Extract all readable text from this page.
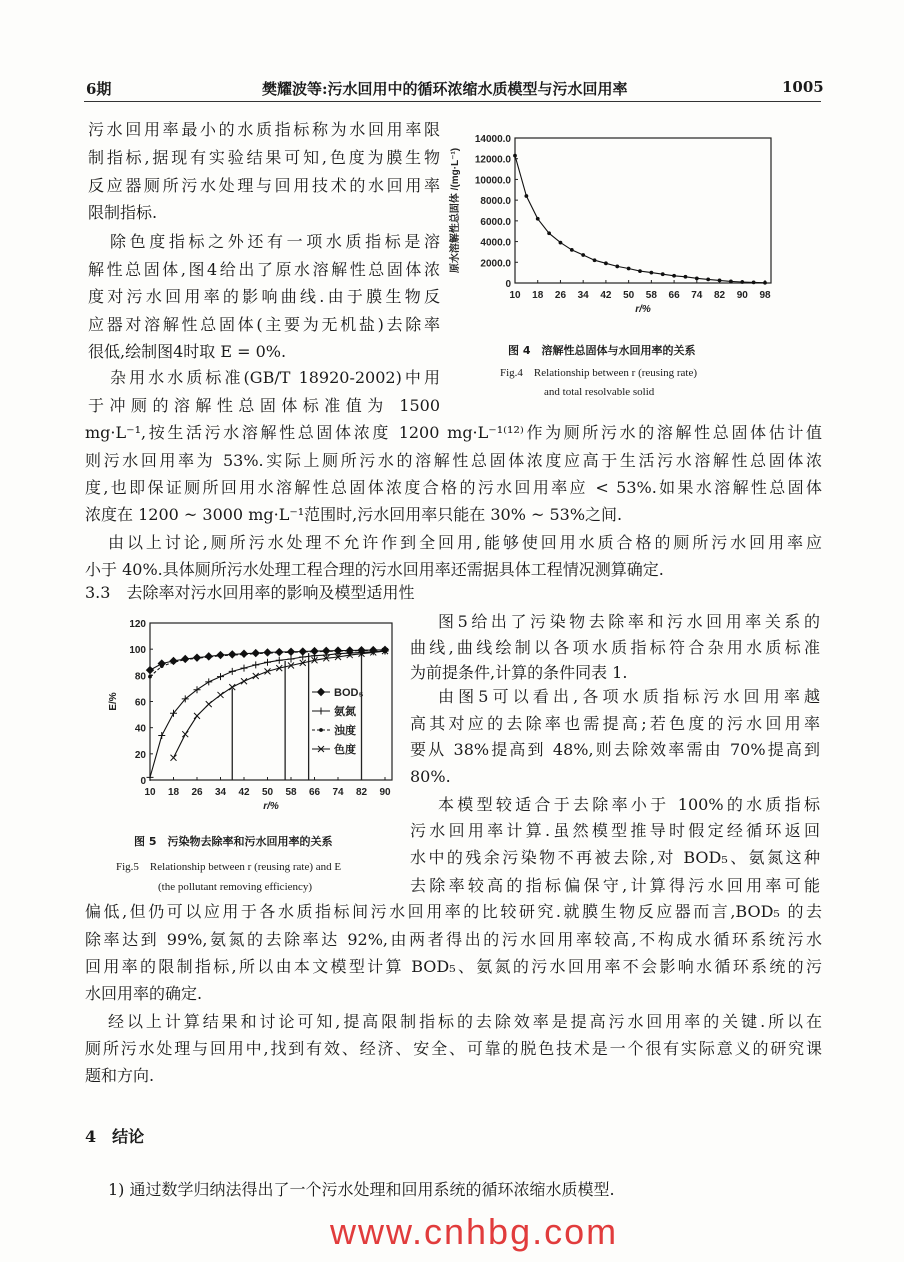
6期	樊耀波等:污水回用中的循环浓缩水质模型与污水回用率	1005
污水回用率最小的水质指标称为水回用率限
制指标,据现有实验结果可知,色度为膜生物
反应器厕所污水处理与回用技术的水回用率
限制指标.
除色度指标之外还有一项水质指标是溶
解性总固体,图4给出了原水溶解性总固体浓
度对污水回用率的影响曲线.由于膜生物反
应器对溶解性总固体(主要为无机盐)去除率
很低,绘制图4时取 E = 0%.
杂用水水质标准(GB/T 18920-2002)中用
于冲厕的溶解性总固体标准值为 1500
mg·L⁻¹,按生活污水溶解性总固体浓度 1200 mg·L⁻¹⁽¹²⁾作为厕所污水的溶解性总固体估计值
则污水回用率为 53%.实际上厕所污水的溶解性总固体浓度应高于生活污水溶解性总固体浓
度,也即保证厕所回用水溶解性总固体浓度合格的污水回用率应 < 53%.如果水溶解性总固体
浓度在 1200 ~ 3000 mg·L⁻¹范围时,污水回用率只能在 30% ~ 53%之间.
由以上讨论,厕所污水处理不允许作到全回用,能够使回用水质合格的厕所污水回用率应
小于 40%.具体厕所污水处理工程合理的污水回用率还需据具体工程情况测算确定.
3.3　去除率对污水回用率的影响及模型适用性
图5给出了污染物去除率和污水回用率关系的
曲线,曲线绘制以各项水质指标符合杂用水质标准
为前提条件,计算的条件同表 1.
由图5可以看出,各项水质指标污水回用率越
高其对应的去除率也需提高;若色度的污水回用率
要从 38%提高到 48%,则去除效率需由 70%提高到
80%.
本模型较适合于去除率小于 100%的水质指标
污水回用率计算.虽然模型推导时假定经循环返回
水中的残余污染物不再被去除,对 BOD₅、氨氮这种
去除率较高的指标偏保守,计算得污水回用率可能
偏低,但仍可以应用于各水质指标间污水回用率的比较研究.就膜生物反应器而言,BOD₅ 的去
除率达到 99%,氨氮的去除率达 92%,由两者得出的污水回用率较高,不构成水循环系统污水
回用率的限制指标,所以由本文模型计算 BOD₅、氨氮的污水回用率不会影响水循环系统的污
水回用率的确定.
经以上计算结果和讨论可知,提高限制指标的去除效率是提高污水回用率的关键.所以在
厕所污水处理与回用中,找到有效、经济、安全、可靠的脱色技术是一个很有实际意义的研究课
题和方向.
4　结论
1) 通过数学归纳法得出了一个污水处理和回用系统的循环浓缩水质模型.
10 18 26 34 42 50 58 66 74 82 90 98
0
2000.0
4000.0
6000.0
8000.0
10000.0
12000.0
14000.0
r/%
原水溶解性总固体 /(mg·L⁻¹)
图 4　溶解性总固体与水回用率的关系
Fig.4　Relationship between r (reusing rate)
and total resolvable solid
10 18 26 34 42 50 58 66 74 82 90
0
20
40
60
80
100
120
r/%
E/%	BOD₅
氨氮
浊度
色度
图 5　污染物去除率和污水回用率的关系
Fig.5　Relationship between r (reusing rate) and E
(the pollutant removing efficiency)
www.cnhbg.com
